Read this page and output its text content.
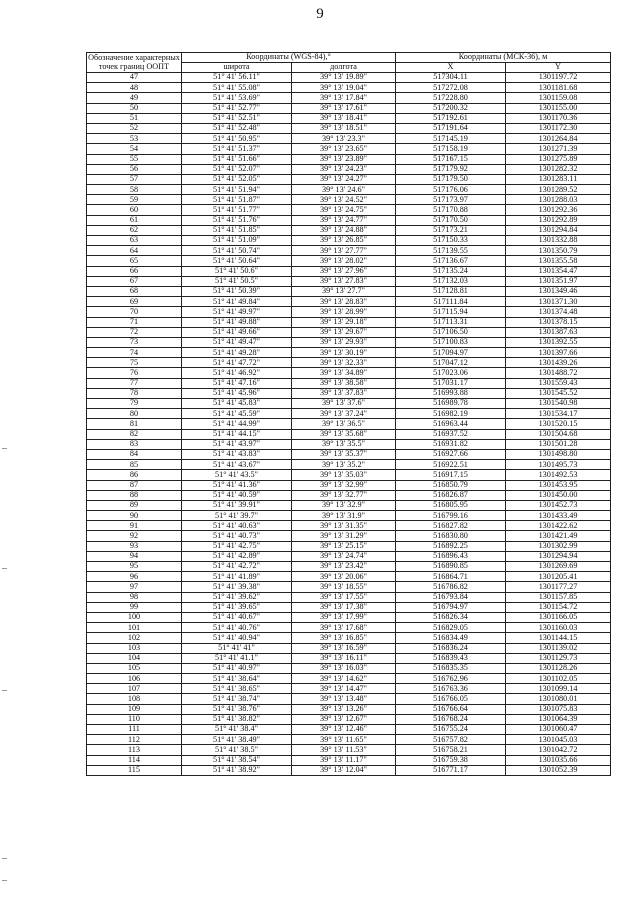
9
Обозначение характерных точек границ ООПТ	Координаты (WGS-84),°		Координаты (МСК-36), м	
	широта	долгота	X	Y
47	51° 41' 56.11"	39° 13' 19.89"	517304.11	1301197.72
48	51° 41' 55.08"	39° 13' 19.04"	517272.08	1301181.68
49	51° 41' 53.69"	39° 13' 17.84"	517228.80	1301159.08
50	51° 41' 52.77"	39° 13' 17.61"	517200.32	1301155.00
51	51° 41' 52.51"	39° 13' 18.41"	517192.61	1301170.36
52	51° 41' 52.48"	39° 13' 18.51"	517191.64	1301172.30
53	51° 41' 50.95"	39° 13' 23.3"	517145.19	1301264.84
54	51° 41' 51.37"	39° 13' 23.65"	517158.19	1301271.39
55	51° 41' 51.66"	39° 13' 23.89"	517167.15	1301275.89
56	51° 41' 52.07"	39° 13' 24.23"	517179.92	1301282.32
57	51° 41' 52.05"	39° 13' 24.27"	517179.50	1301283.11
58	51° 41' 51.94"	39° 13' 24.6"	517176.06	1301289.52
59	51° 41' 51.87"	39° 13' 24.52"	517173.97	1301288.03
60	51° 41' 51.77"	39° 13' 24.75"	517170.88	1301292.36
61	51° 41' 51.76"	39° 13' 24.77"	517170.50	1301292.89
62	51° 41' 51.85"	39° 13' 24.88"	517173.21	1301294.84
63	51° 41' 51.09"	39° 13' 26.85"	517150.33	1301332.88
64	51° 41' 50.74"	39° 13' 27.77"	517139.55	1301350.79
65	51° 41' 50.64"	39° 13' 28.02"	517136.67	1301355.58
66	51° 41' 50.6"	39° 13' 27.96"	517135.24	1301354.47
67	51° 41' 50.5"	39° 13' 27.83"	517132.03	1301351.97
68	51° 41' 50.39"	39° 13' 27.7"	517128.81	1301349.46
69	51° 41' 49.84"	39° 13' 28.83"	517111.84	1301371.30
70	51° 41' 49.97"	39° 13' 28.99"	517115.94	1301374.48
71	51° 41' 49.88"	39° 13' 29.18"	517113.31	1301378.15
72	51° 41' 49.66"	39° 13' 29.67"	517106.50	1301387.63
73	51° 41' 49.47"	39° 13' 29.93"	517100.83	1301392.55
74	51° 41' 49.28"	39° 13' 30.19"	517094.97	1301397.66
75	51° 41' 47.72"	39° 13' 32.33"	517047.12	1301439.26
76	51° 41' 46.92"	39° 13' 34.89"	517023.06	1301488.72
77	51° 41' 47.16"	39° 13' 38.58"	517031.17	1301559.43
78	51° 41' 45.96"	39° 13' 37.83"	516993.88	1301545.52
79	51° 41' 45.83"	39° 13' 37.6"	516989.78	1301540.98
80	51° 41' 45.59"	39° 13' 37.24"	516982.19	1301534.17
81	51° 41' 44.99"	39° 13' 36.5"	516963.44	1301520.15
82	51° 41' 44.15"	39° 13' 35.68"	516937.52	1301504.68
83	51° 41' 43.97"	39° 13' 35.5"	516931.82	1301501.28
84	51° 41' 43.83"	39° 13' 35.37"	516927.66	1301498.80
85	51° 41' 43.67"	39° 13' 35.2"	516922.51	1301495.73
86	51° 41' 43.5"	39° 13' 35.03"	516917.15	1301492.53
87	51° 41' 41.36"	39° 13' 32.99"	516850.79	1301453.95
88	51° 41' 40.59"	39° 13' 32.77"	516826.87	1301450.00
89	51° 41' 39.91"	39° 13' 32.9"	516805.95	1301452.73
90	51° 41' 39.7"	39° 13' 31.9"	516799.16	1301433.49
91	51° 41' 40.63"	39° 13' 31.35"	516827.82	1301422.62
92	51° 41' 40.73"	39° 13' 31.29"	516830.80	1301421.49
93	51° 41' 42.75"	39° 13' 25.15"	516892.25	1301302.99
94	51° 41' 42.89"	39° 13' 24.74"	516896.43	1301294.94
95	51° 41' 42.72"	39° 13' 23.42"	516890.85	1301269.69
96	51° 41' 41.89"	39° 13' 20.06"	516864.71	1301205.41
97	51° 41' 39.38"	39° 13' 18.55"	516786.82	1301177.27
98	51° 41' 39.62"	39° 13' 17.55"	516793.84	1301157.85
99	51° 41' 39.65"	39° 13' 17.38"	516794.97	1301154.72
100	51° 41' 40.67"	39° 13' 17.99"	516826.34	1301166.05
101	51° 41' 40.76"	39° 13' 17.68"	516829.05	1301160.03
102	51° 41' 40.94"	39° 13' 16.85"	516834.49	1301144.15
103	51° 41' 41"	39° 13' 16.59"	516836.24	1301139.02
104	51° 41' 41.1"	39° 13' 16.11"	516839.43	1301129.73
105	51° 41' 40.97"	39° 13' 16.03"	516835.35	1301128.26
106	51° 41' 38.64"	39° 13' 14.62"	516762.96	1301102.05
107	51° 41' 38.65"	39° 13' 14.47"	516763.36	1301099.14
108	51° 41' 38.74"	39° 13' 13.48"	516766.05	1301080.01
109	51° 41' 38.76"	39° 13' 13.26"	516766.64	1301075.83
110	51° 41' 38.82"	39° 13' 12.67"	516768.24	1301064.39
111	51° 41' 38.4"	39° 13' 12.46"	516755.24	1301060.47
112	51° 41' 38.49"	39° 13' 11.65"	516757.82	1301045.03
113	51° 41' 38.5"	39° 13' 11.53"	516758.21	1301042.72
114	51° 41' 38.54"	39° 13' 11.17"	516759.38	1301035.66
115	51° 41' 38.92"	39° 13' 12.04"	516771.17	1301052.39
